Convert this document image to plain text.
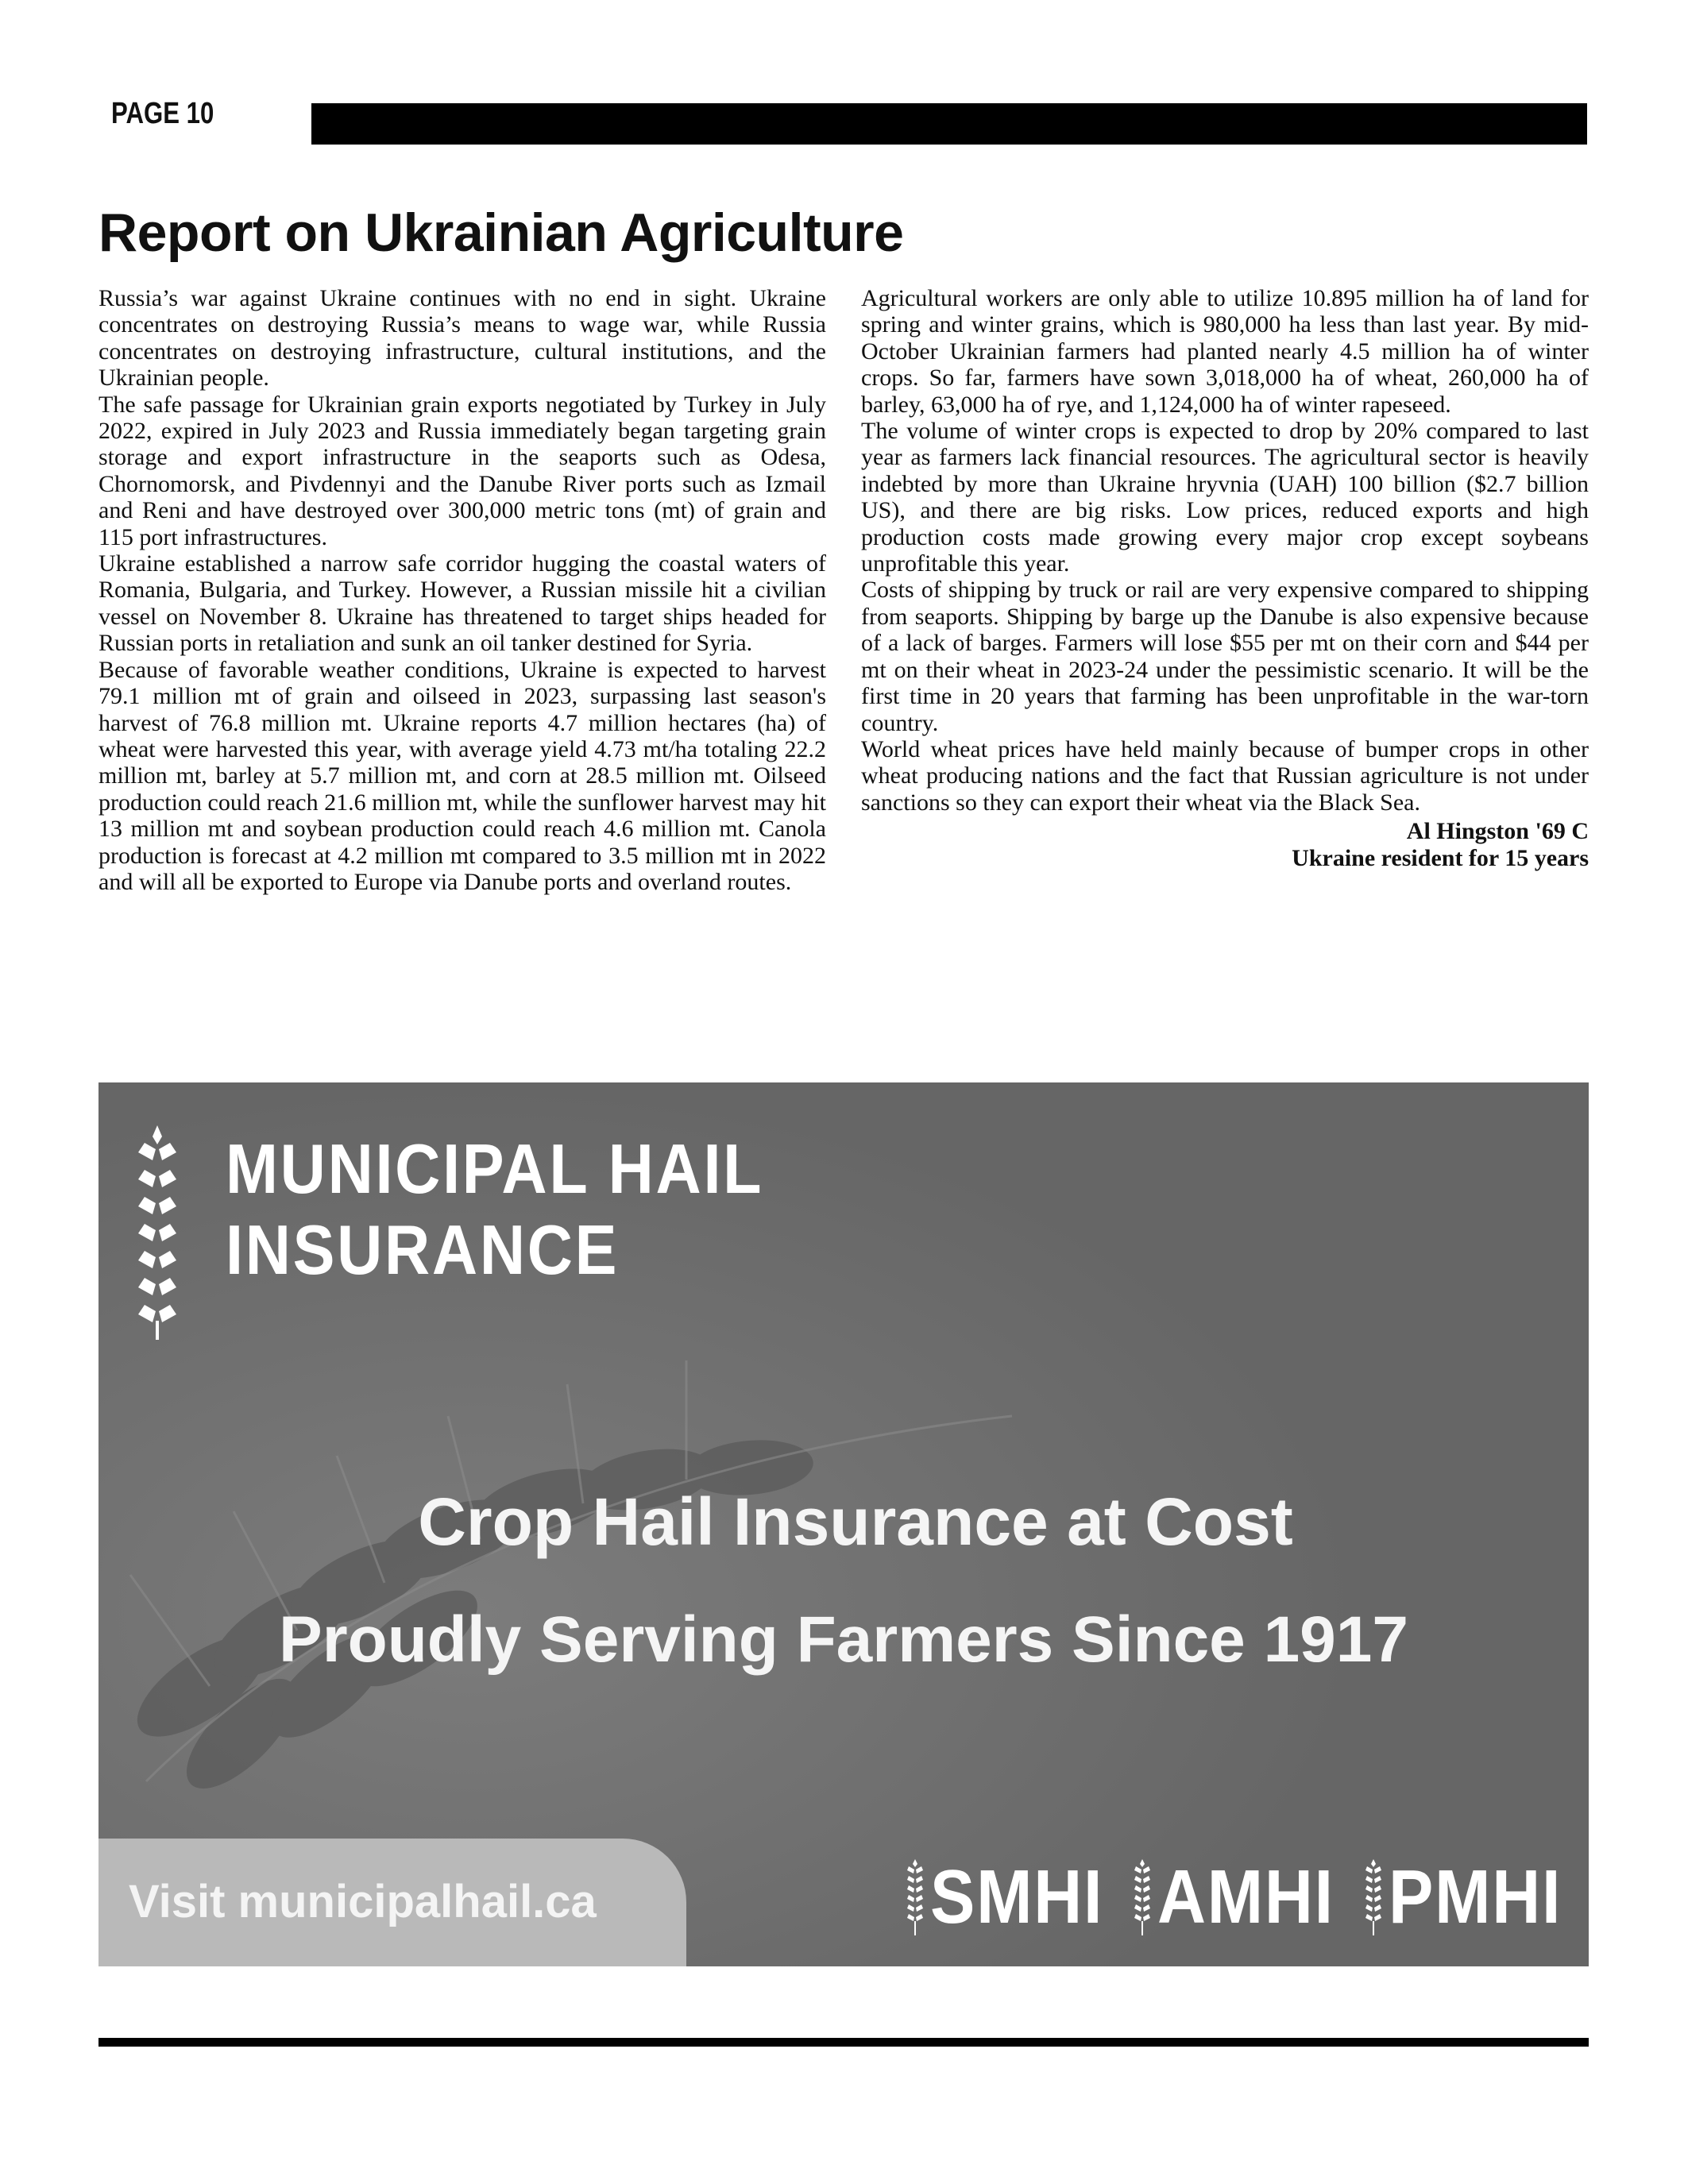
PAGE 10
Report on Ukrainian Agriculture

Russia’s war against Ukraine continues with no end in sight. Ukraine concentrates on destroying Russia’s means to wage war, while Russia concentrates on destroying infrastructure, cultural institutions, and the Ukrainian people.

The safe passage for Ukrainian grain exports negotiated by Turkey in July 2022, expired in July 2023 and Russia immediately began targeting grain storage and export infrastructure in the seaports such as Odesa, Chornomorsk, and Pivdennyi and the Danube River ports such as Izmail and Reni and have destroyed over 300,000 metric tons (mt) of grain and 115 port infrastructures.

Ukraine established a narrow safe corridor hugging the coastal waters of Romania, Bulgaria, and Turkey. However, a Russian missile hit a civilian vessel on November 8. Ukraine has threatened to target ships headed for Russian ports in retaliation and sunk an oil tanker destined for Syria.

Because of favorable weather conditions, Ukraine is expected to harvest 79.1 million mt of grain and oilseed in 2023, surpassing last season's harvest of 76.8 million mt. Ukraine reports 4.7 million hectares (ha) of wheat were harvested this year, with average yield 4.73 mt/ha totaling 22.2 million mt, barley at 5.7 million mt, and corn at 28.5 million mt. Oilseed production could reach 21.6 million mt, while the sunflower harvest may hit 13 million mt and soybean production could reach 4.6 million mt. Canola production is forecast at 4.2 million mt compared to 3.5 million mt in 2022 and will all be exported to Europe via Danube ports and overland routes.

Agricultural workers are only able to utilize 10.895 million ha of land for spring and winter grains, which is 980,000 ha less than last year. By mid-October Ukrainian farmers had planted nearly 4.5 million ha of winter crops. So far, farmers have sown 3,018,000 ha of wheat, 260,000 ha of barley, 63,000 ha of rye, and 1,124,000 ha of winter rapeseed.

The volume of winter crops is expected to drop by 20% compared to last year as farmers lack financial resources. The agricultural sector is heavily indebted by more than Ukraine hryvnia (UAH) 100 billion ($2.7 billion US), and there are big risks. Low prices, reduced exports and high production costs made growing every major crop except soybeans unprofitable this year.

Costs of shipping by truck or rail are very expensive compared to shipping from seaports. Shipping by barge up the Danube is also expensive because of a lack of barges. Farmers will lose $55 per mt on their corn and $44 per mt on their wheat in 2023-24 under the pessimistic scenario. It will be the first time in 20 years that farming has been unprofitable in the war-torn country.

World wheat prices have held mainly because of bumper crops in other wheat producing nations and the fact that Russian agriculture is not under sanctions so they can export their wheat via the Black Sea.

Al Hingston '69 C
Ukraine resident for 15 years
MUNICIPAL HAIL
INSURANCE

Crop Hail Insurance at Cost

Proudly Serving Farmers Since 1917

Visit municipalhail.ca	SMHI AMHI PMHI
